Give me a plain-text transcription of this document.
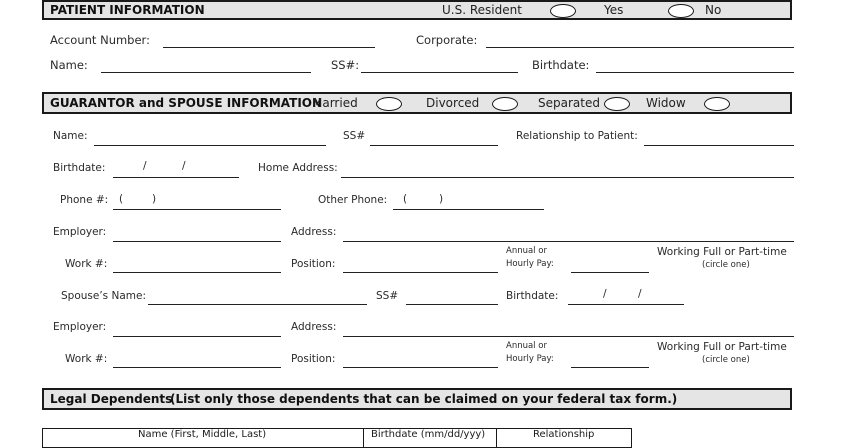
PATIENT INFORMATION	U.S. Resident	Yes	No
Account Number:	Corporate:
Name:	SS#:	Birthdate:
GUARANTOR and SPOUSE INFORMATION
Married	Divorced	Separated	Widow
Name:	SS#	Relationship to Patient:
Birthdate:	/	/	Home Address:
Phone #: (	)	Other Phone: (	)
Employer:	Address:
Work #:	Position:
Annual or
Hourly Pay:
Working Full or Part-time
(circle one)
Spouse’s Name:	SS#	Birthdate:	/	/
Employer:	Address:
Work #:	Position:
Annual or
Hourly Pay:
Working Full or Part-time
(circle one)
Legal Dependents
(List only those dependents that can be claimed on your federal tax form.)
Name (First, Middle, Last)	Birthdate (mm/dd/yyy)	Relationship
